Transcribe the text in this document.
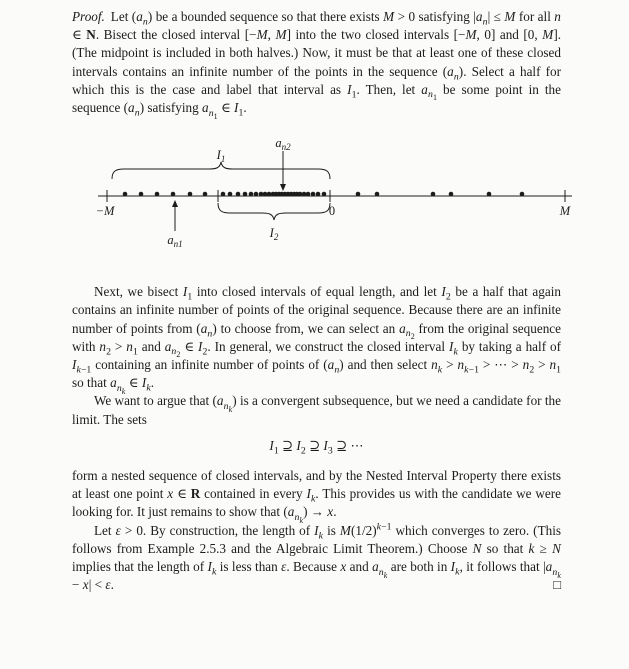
Proof. Let $(a_n)$ be a bounded sequence so that there exists M > 0 satisfying $|a_n| \le M$ for all n ∈ N. Bisect the closed interval [−M, M] into the two closed intervals [−M, 0] and [0, M]. (The midpoint is included in both halves.) Now, it must be that at least one of these closed intervals contains an infinite number of the points in the sequence $(a_n)$. Select a half for which this is the case and label that interval as $I_1$. Then, let $a_{n_1}$ be some point in the sequence $(a_n)$ satisfying $a_{n_1}$ ∈ $I_1$.

$a_{n2}$
$I_1$
−M	0	M
$a_{n1}$
$I_2$

Next, we bisect $I_1$ into closed intervals of equal length, and let $I_2$ be a half that again contains an infinite number of points of the original sequence. Because there are an infinite number of points from $(a_n)$ to choose from, we can select an $a_{n_2}$ from the original sequence with $n_2 > n_1$ and $a_{n_2}$ ∈ $I_2$. In general, we construct the closed interval $I_k$ by taking a half of $I_{k-1}$ containing an infinite number of points of $(a_n)$ and then select $n_k > n_{k-1}$ > ⋯ > $n_2 > n_1$ so that $a_{n_k}$ ∈ $I_k$.

We want to argue that $(a_{n_k})$ is a convergent subsequence, but we need a candidate for the limit. The sets

$I_1$ ⊇ $I_2$ ⊇ $I_3$ ⊇ ⋯

form a nested sequence of closed intervals, and by the Nested Interval Property there exists at least one point x ∈ R contained in every $I_k$. This provides us with the candidate we were looking for. It just remains to show that $(a_{n_k}) \to x$.

Let ε > 0. By construction, the length of $I_k$ is $M(1/2)^{k-1}$ which converges to zero. (This follows from Example 2.5.3 and the Algebraic Limit Theorem.) Choose N so that k ≥ N implies that the length of $I_k$ is less than ε. Because x and $a_{n_k}$ are both in $I_k$, it follows that $|a_{n_k} - x| < \varepsilon$.	□
